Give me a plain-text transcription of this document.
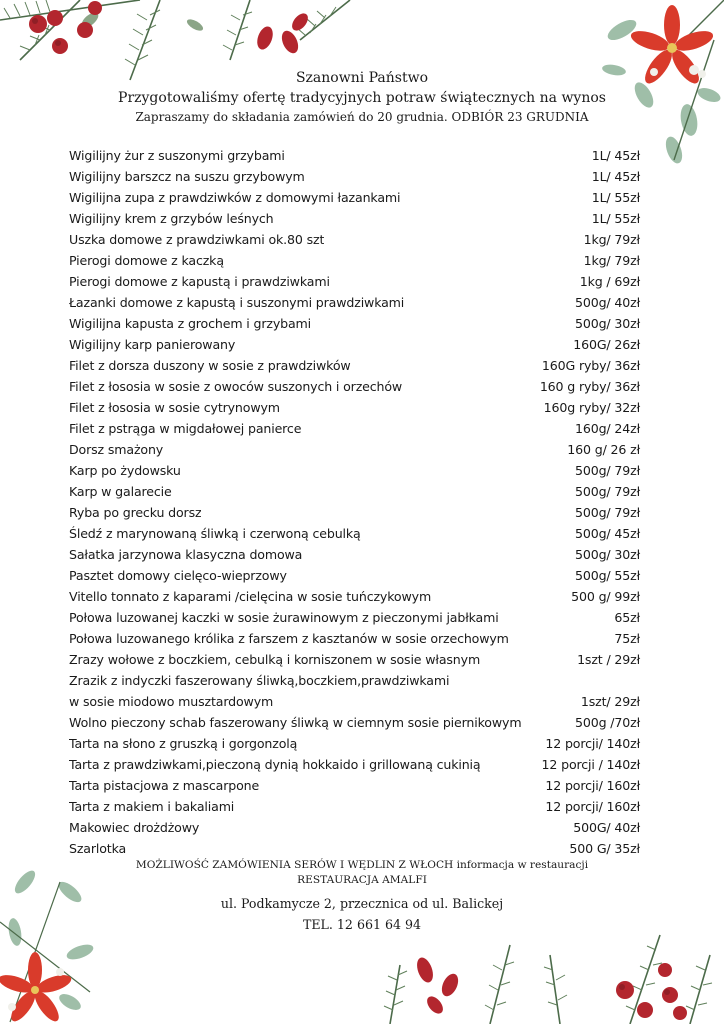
Szanowni Państwo
Przygotowaliśmy ofertę tradycyjnych potraw świątecznych na wynos
Zapraszamy do składania zamówień do 20 grudnia. ODBIÓR 23 GRUDNIA
Wigilijny żur z suszonymi grzybami	1L/ 45zł
Wigilijny barszcz na suszu grzybowym	1L/ 45zł
Wigilijna zupa z prawdziwków z domowymi łazankami	1L/ 55zł
Wigilijny krem z grzybów leśnych	1L/ 55zł
Uszka domowe z prawdziwkami ok.80 szt	1kg/ 79zł
Pierogi domowe z kaczką	1kg/ 79zł
Pierogi domowe z kapustą i prawdziwkami	1kg / 69zł
Łazanki domowe z kapustą i suszonymi prawdziwkami	500g/ 40zł
Wigilijna kapusta z grochem i grzybami	500g/ 30zł
Wigilijny karp panierowany	160G/ 26zł
Filet z dorsza duszony w sosie z prawdziwków	160G ryby/ 36zł
Filet z łososia w sosie z owoców suszonych i orzechów	160 g ryby/ 36zł
Filet z łososia w sosie cytrynowym	160g ryby/ 32zł
Filet z pstrąga w migdałowej panierce	160g/ 24zł
Dorsz smażony	160 g/ 26 zł
Karp po żydowsku	500g/ 79zł
Karp w galarecie	500g/ 79zł
Ryba po grecku dorsz	500g/ 79zł
Śledź z marynowaną śliwką i czerwoną cebulką	500g/ 45zł
Sałatka jarzynowa klasyczna domowa	500g/ 30zł
Pasztet domowy cielęco-wieprzowy	500g/ 55zł
Vitello tonnato z kaparami /cielęcina w sosie tuńczykowym	500 g/ 99zł
Połowa luzowanej kaczki w sosie żurawinowym z pieczonymi jabłkami	65zł
Połowa luzowanego królika z farszem z kasztanów w sosie orzechowym	75zł
Zrazy wołowe z boczkiem, cebulką i korniszonem w sosie własnym	1szt / 29zł
Zrazik z indyczki faszerowany śliwką,boczkiem,prawdziwkami
w sosie miodowo musztardowym	1szt/ 29zł
Wolno pieczony schab faszerowany śliwką w ciemnym sosie piernikowym	500g /70zł
Tarta na słono z gruszką i gorgonzolą	12 porcji/ 140zł
Tarta z prawdziwkami,pieczoną dynią hokkaido i grillowaną cukinią	12 porcji / 140zł
Tarta pistacjowa z mascarpone	12 porcji/ 160zł
Tarta z makiem i bakaliami	12 porcji/ 160zł
Makowiec drożdżowy	500G/ 40zł
Szarlotka	500 G/ 35zł
MOŻLIWOŚĆ ZAMÓWIENIA SERÓW I WĘDLIN Z WŁOCH informacja w restauracji
RESTAURACJA AMALFI
ul. Podkamycze 2, przecznica od ul. Balickej
TEL. 12 661 64 94
